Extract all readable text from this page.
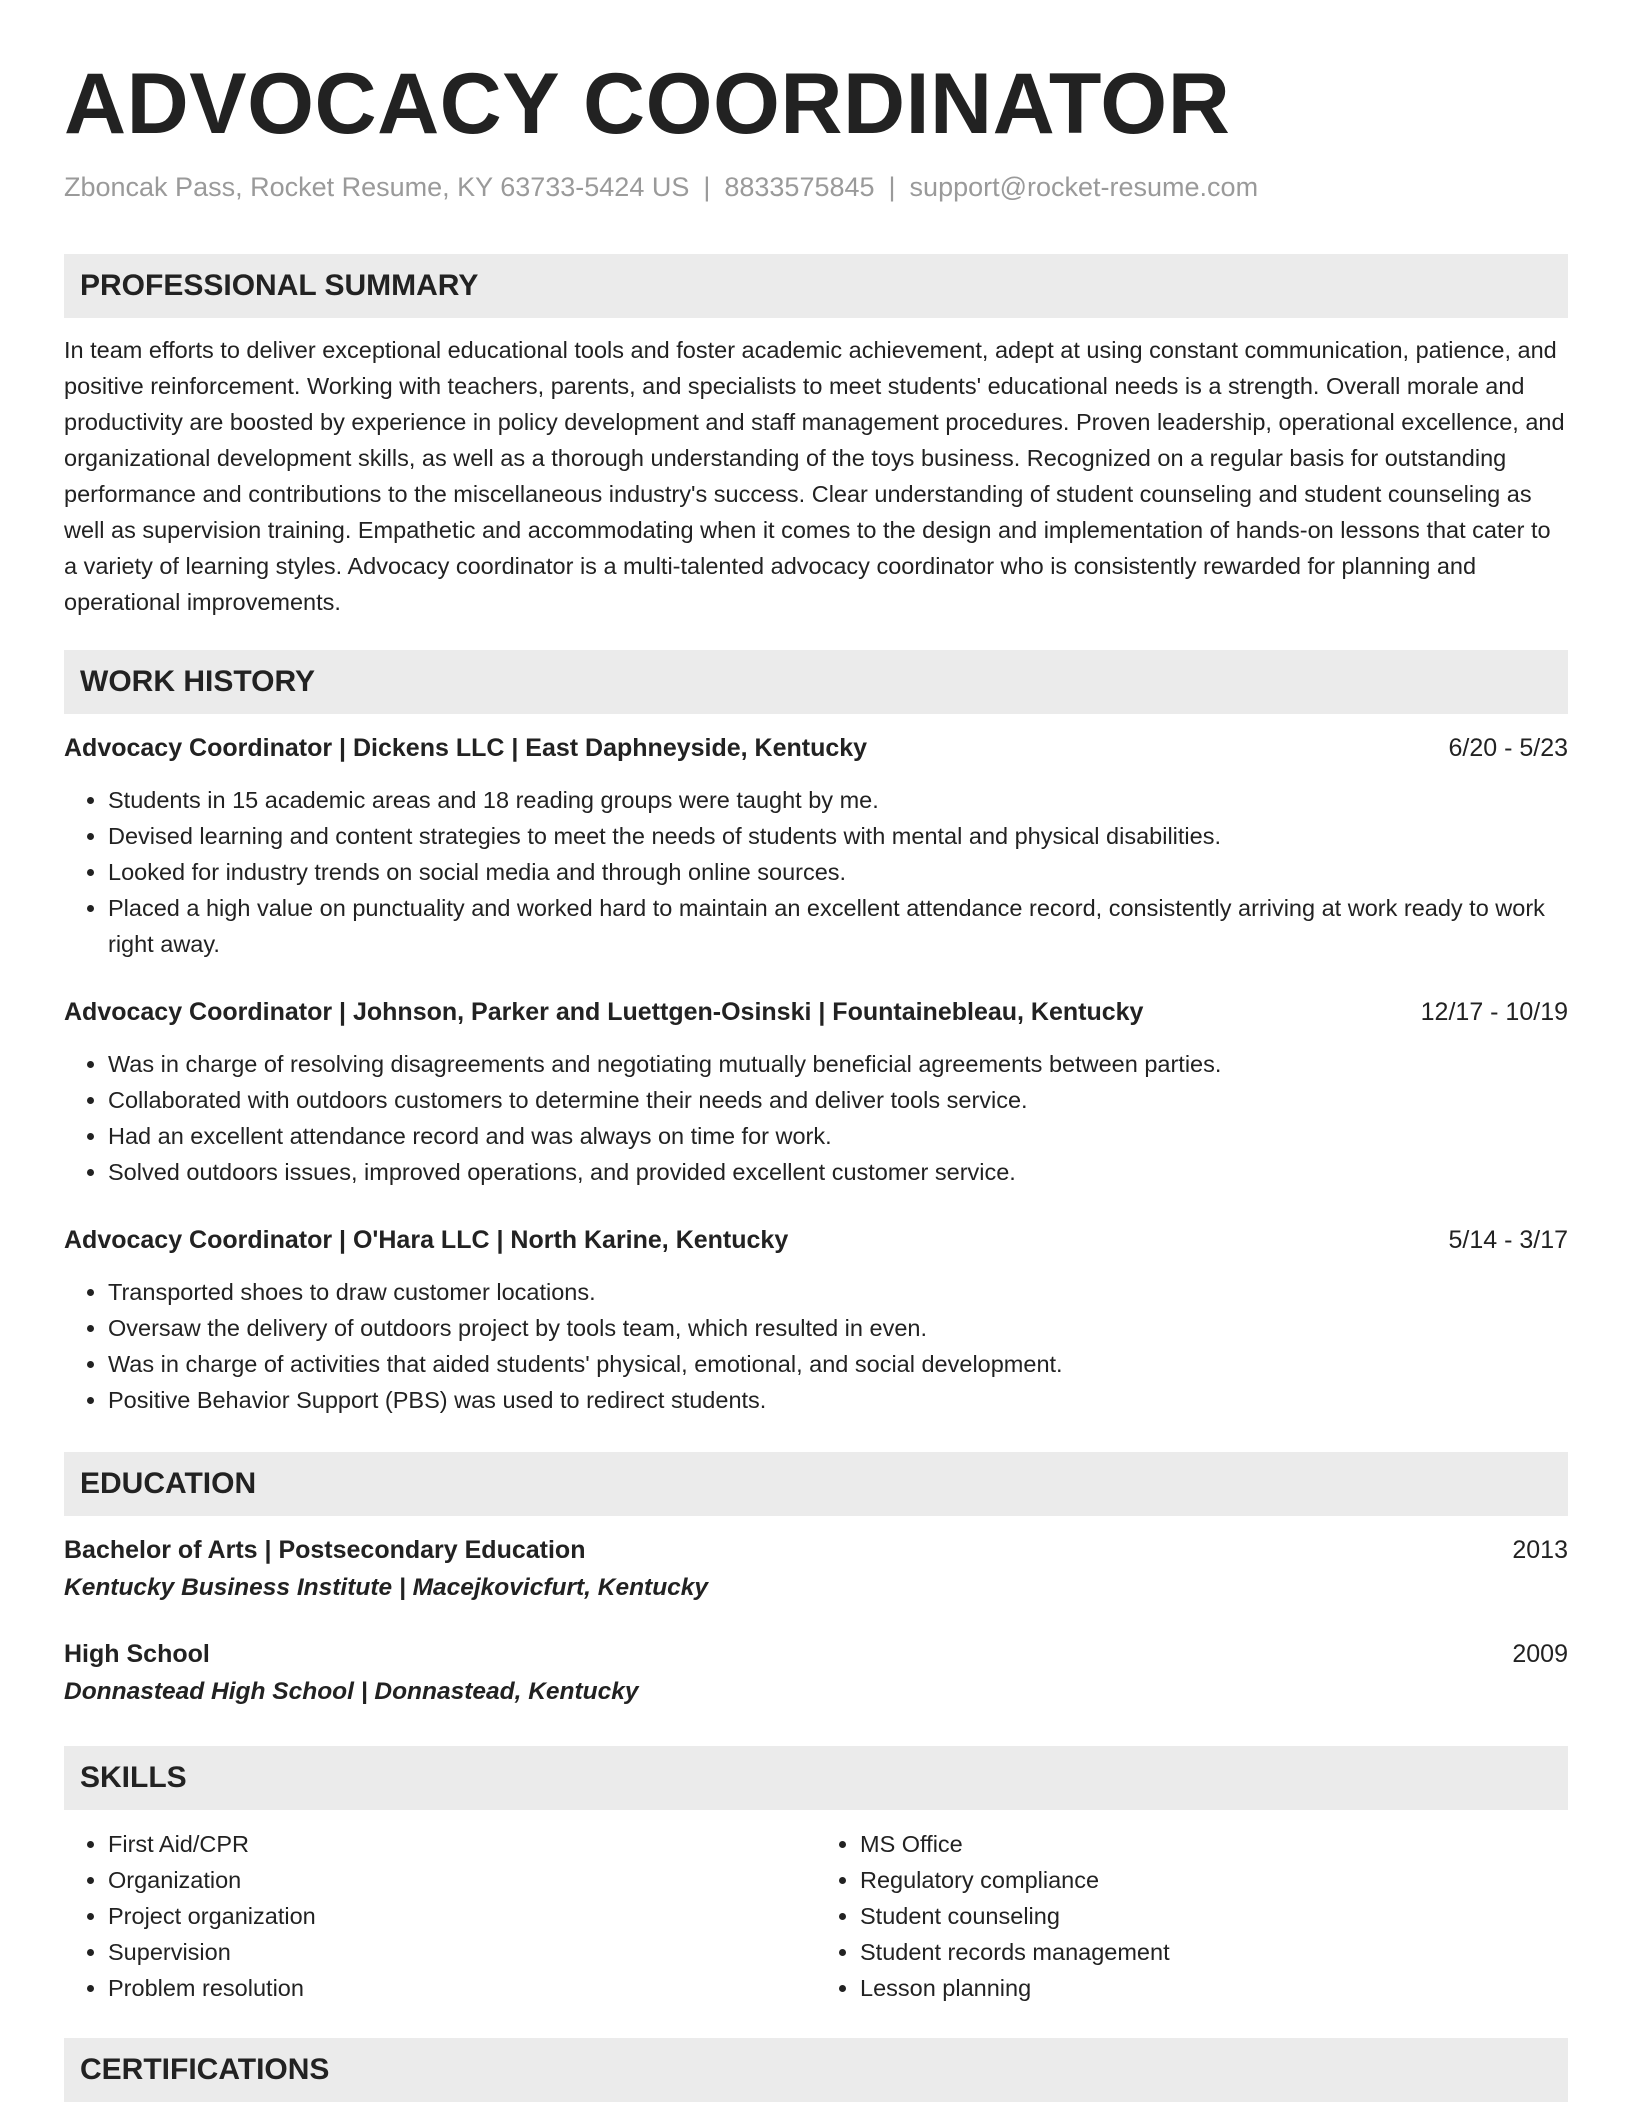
ADVOCACY COORDINATOR
Zboncak Pass, Rocket Resume, KY 63733-5424 US | 8833575845 | support@rocket-resume.com
PROFESSIONAL SUMMARY

In team efforts to deliver exceptional educational tools and foster academic achievement, adept at using constant communication, patience, and positive reinforcement. Working with teachers, parents, and specialists to meet students' educational needs is a strength. Overall morale and productivity are boosted by experience in policy development and staff management procedures. Proven leadership, operational excellence, and organizational development skills, as well as a thorough understanding of the toys business. Recognized on a regular basis for outstanding performance and contributions to the miscellaneous industry's success. Clear understanding of student counseling and student counseling as well as supervision training. Empathetic and accommodating when it comes to the design and implementation of hands-on lessons that cater to a variety of learning styles. Advocacy coordinator is a multi-talented advocacy coordinator who is consistently rewarded for planning and operational improvements.

WORK HISTORY
Advocacy Coordinator | Dickens LLC | East Daphneyside, Kentucky	6/20 - 5/23
• Students in 15 academic areas and 18 reading groups were taught by me.
• Devised learning and content strategies to meet the needs of students with mental and physical disabilities.
• Looked for industry trends on social media and through online sources.
• Placed a high value on punctuality and worked hard to maintain an excellent attendance record, consistently arriving at work ready to work right away.
Advocacy Coordinator | Johnson, Parker and Luettgen-Osinski | Fountainebleau, Kentucky	12/17 - 10/19
• Was in charge of resolving disagreements and negotiating mutually beneficial agreements between parties.
• Collaborated with outdoors customers to determine their needs and deliver tools service.
• Had an excellent attendance record and was always on time for work.
• Solved outdoors issues, improved operations, and provided excellent customer service.
Advocacy Coordinator | O'Hara LLC | North Karine, Kentucky	5/14 - 3/17
• Transported shoes to draw customer locations.
• Oversaw the delivery of outdoors project by tools team, which resulted in even.
• Was in charge of activities that aided students' physical, emotional, and social development.
• Positive Behavior Support (PBS) was used to redirect students.
EDUCATION
Bachelor of Arts | Postsecondary Education	2013
Kentucky Business Institute | Macejkovicfurt, Kentucky
High School	2009
Donnastead High School | Donnastead, Kentucky
SKILLS
• First Aid/CPR
• Organization
• Project organization
• Supervision
• Problem resolution
• MS Office
• Regulatory compliance
• Student counseling
• Student records management
• Lesson planning
CERTIFICATIONS
